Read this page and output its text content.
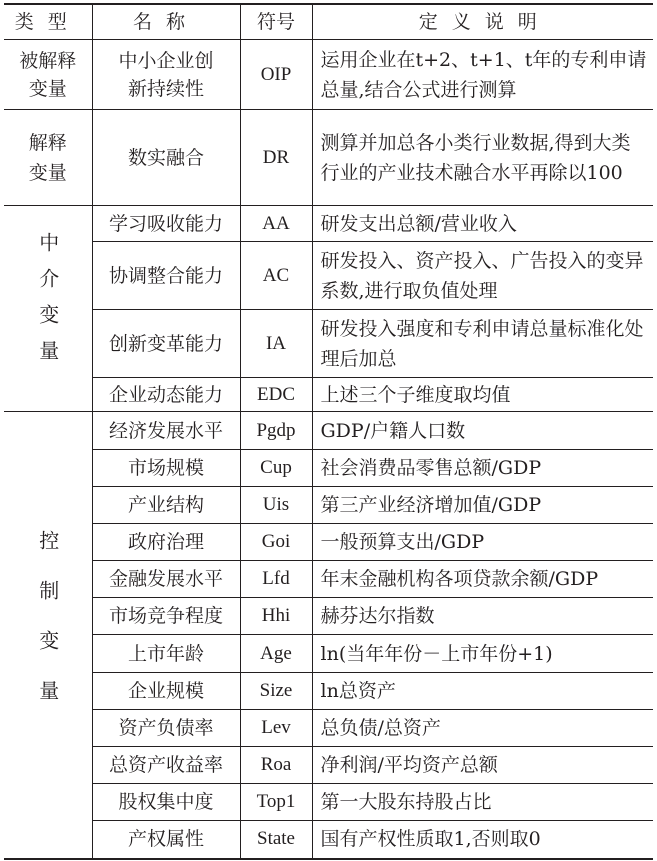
类型	名称	符号	定义说明

被解释变量	中小企业创新持续性	OIP	运用企业在t+2、t+1、t年的专利申请总量,结合公式进行测算

解释变量	数实融合	DR	测算并加总各小类行业数据,得到大类行业的产业技术融合水平再除以100
中介变量	学习吸收能力	AA	研发支出总额/营业收入
	协调整合能力	AC	研发投入、资产投入、广告投入的变异系数,进行取负值处理
	创新变革能力	IA	研发投入强度和专利申请总量标准化处理后加总
	企业动态能力	EDC	上述三个子维度取均值
控制变量	经济发展水平	Pgdp	GDP/户籍人口数
	市场规模	Cup	社会消费品零售总额/GDP
	产业结构	Uis	第三产业经济增加值/GDP
	政府治理	Goi	一般预算支出/GDP
	金融发展水平	Lfd	年末金融机构各项贷款余额/GDP
	市场竞争程度	Hhi	赫芬达尔指数
	上市年龄	Age	ln(当年年份－上市年份+1)
	企业规模	Size	ln总资产
	资产负债率	Lev	总负债/总资产
	总资产收益率	Roa	净利润/平均资产总额
	股权集中度	Top1	第一大股东持股占比
	产权属性	State	国有产权性质取1,否则取0
